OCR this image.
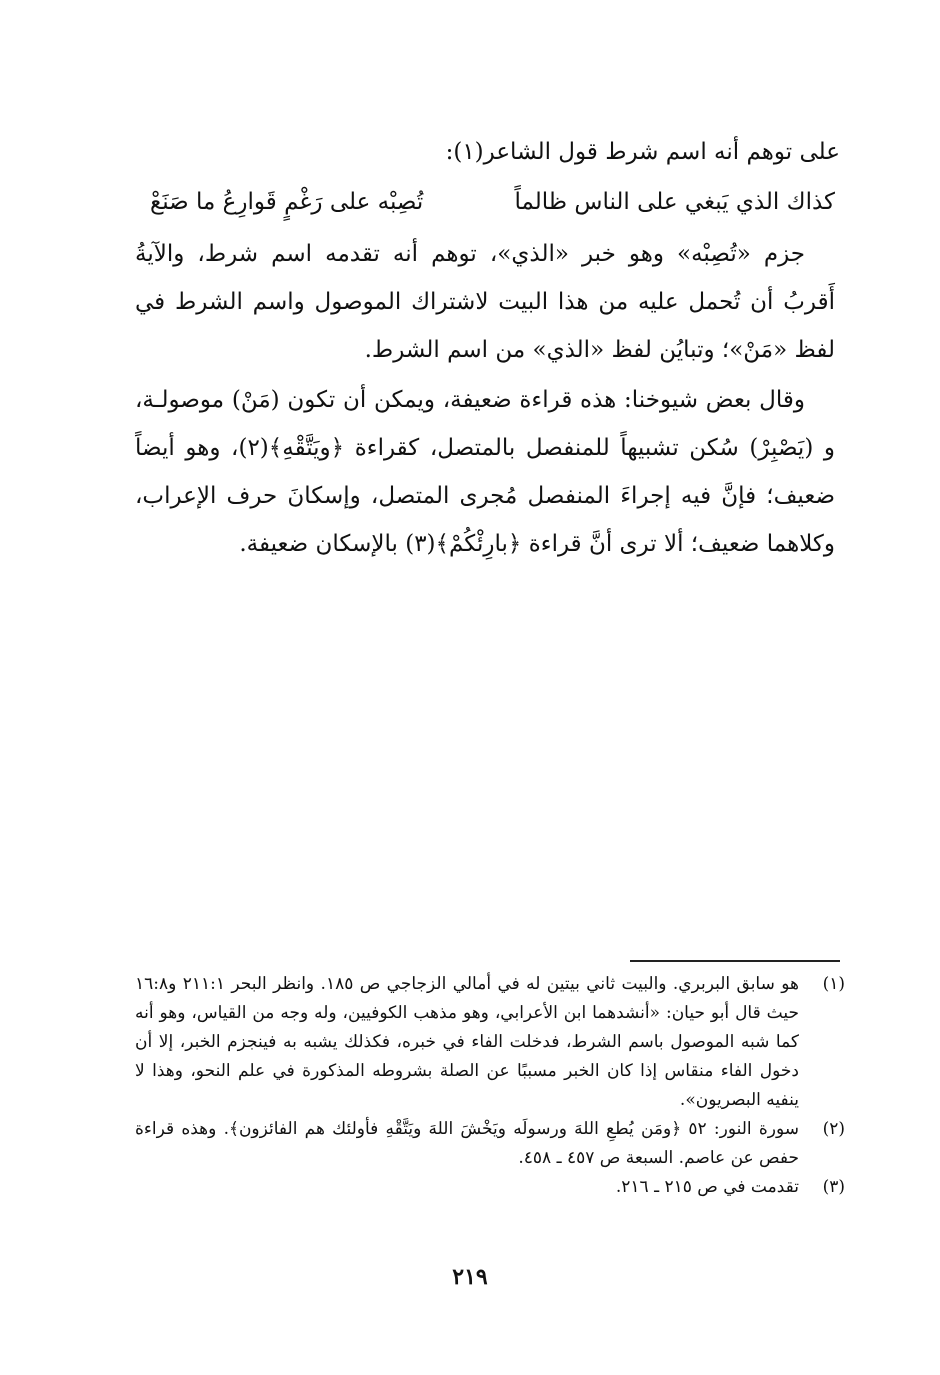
على توهم أنه اسم شرط قول الشاعر(١):
كذاك الذي يَبغي على الناس ظالماً
تُصِبْه على رَغْمٍ قَوارِعُ ما صَنَعْ
جزم «تُصِبْه» وهو خبر «الذي»، توهم أنه تقدمه اسم شرط، والآيةُ أَقربُ أن تُحمل عليه من هذا البيت لاشتراك الموصول واسم الشرط في لفظ «مَنْ»؛ وتبايُن لفظ «الذي» من اسم الشرط.
وقال بعض شيوخنا: هذه قراءة ضعيفة، ويمكن أن تكون (مَنْ) موصولـة، و (يَصْبِرْ) سُكن تشبيهاً للمنفصل بالمتصل، كقراءة ﴿ويَتَّقْهِ﴾(٢)، وهو أيضاً ضعيف؛ فإنَّ فيه إجراءَ المنفصل مُجرى المتصل، وإسكانَ حرف الإعراب، وكلاهما ضعيف؛ ألا ترى أنَّ قراءة ﴿بارِئْكُمْ﴾(٣) بالإسكان ضعيفة.
(١)
هو سابق البربري. والبيت ثاني بيتين له في أمالي الزجاجي ص ١٨٥. وانظر البحر ٢١١:١ و١٦:٨ حيث قال أبو حيان: «أنشدهما ابن الأعرابي، وهو مذهب الكوفيين، وله وجه من القياس، وهو أنه كما شبه الموصول باسم الشرط، فدخلت الفاء في خبره، فكذلك يشبه به فينجزم الخبر، إلا أن دخول الفاء منقاس إذا كان الخبر مسببًا عن الصلة بشروطه المذكورة في علم النحو، وهذا لا ينفيه البصريون».
(٢)
سورة النور: ٥٢ ﴿ومَن يُطعِ اللهَ ورسولَه ويَخْشَ اللهَ ويَتَّقْهِ فأولئك هم الفائزون﴾. وهذه قراءة حفص عن عاصم. السبعة ص ٤٥٧ ـ ٤٥٨.
(٣)
تقدمت في ص ٢١٥ ـ ٢١٦.
٢١٩
